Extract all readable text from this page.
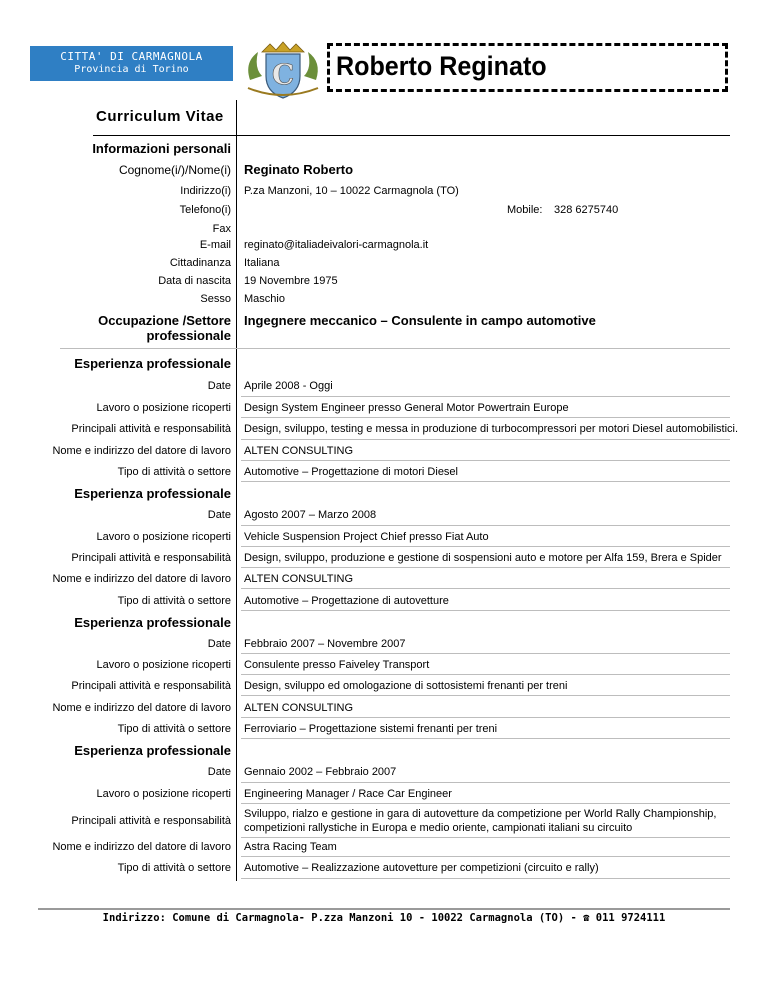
CITTA' DI CARMAGNOLA
Provincia di Torino	C Roberto Reginato
Curriculum Vitae
Informazioni personali
Cognome(i/)/Nome(i) Reginato Roberto
Indirizzo(i) P.za Manzoni, 10 – 10022 Carmagnola (TO)
Telefono(i)	Mobile: 328 6275740
Fax
E-mail reginato@italiadeivalori-carmagnola.it
Cittadinanza Italiana
Data di nascita 19 Novembre 1975
Sesso Maschio
Occupazione /Settore
professionale
Ingegnere meccanico – Consulente in campo automotive
Esperienza professionale
Date Aprile 2008 - Oggi
Lavoro o posizione ricoperti Design System Engineer presso General Motor Powertrain Europe
Principali attività e responsabilità Design, sviluppo, testing e messa in produzione di turbocompressori per motori Diesel automobilistici.
Nome e indirizzo del datore di lavoro ALTEN CONSULTING
Tipo di attività o settore Automotive – Progettazione di motori Diesel
Esperienza professionale
Date Agosto 2007 – Marzo 2008
Lavoro o posizione ricoperti Vehicle Suspension Project Chief presso Fiat Auto
Principali attività e responsabilità Design, sviluppo, produzione e gestione di sospensioni auto e motore per Alfa 159, Brera e Spider
Nome e indirizzo del datore di lavoro ALTEN CONSULTING
Tipo di attività o settore Automotive – Progettazione di autovetture
Esperienza professionale
Date Febbraio 2007 – Novembre 2007
Lavoro o posizione ricoperti Consulente presso Faiveley Transport
Principali attività e responsabilità Design, sviluppo ed omologazione di sottosistemi frenanti per treni
Nome e indirizzo del datore di lavoro ALTEN CONSULTING
Tipo di attività o settore Ferroviario – Progettazione sistemi frenanti per treni
Esperienza professionale
Date Gennaio 2002 – Febbraio 2007
Lavoro o posizione ricoperti Engineering Manager / Race Car Engineer
Principali attività e responsabilità
Sviluppo, rialzo e gestione in gara di autovetture da competizione per World Rally Championship,
competizioni rallystiche in Europa e medio oriente, campionati italiani su circuito
Nome e indirizzo del datore di lavoro Astra Racing Team
Tipo di attività o settore Automotive – Realizzazione autovetture per competizioni (circuito e rally)
Indirizzo: Comune di Carmagnola- P.zza Manzoni 10 - 10022 Carmagnola (TO) - ☎ 011 9724111
